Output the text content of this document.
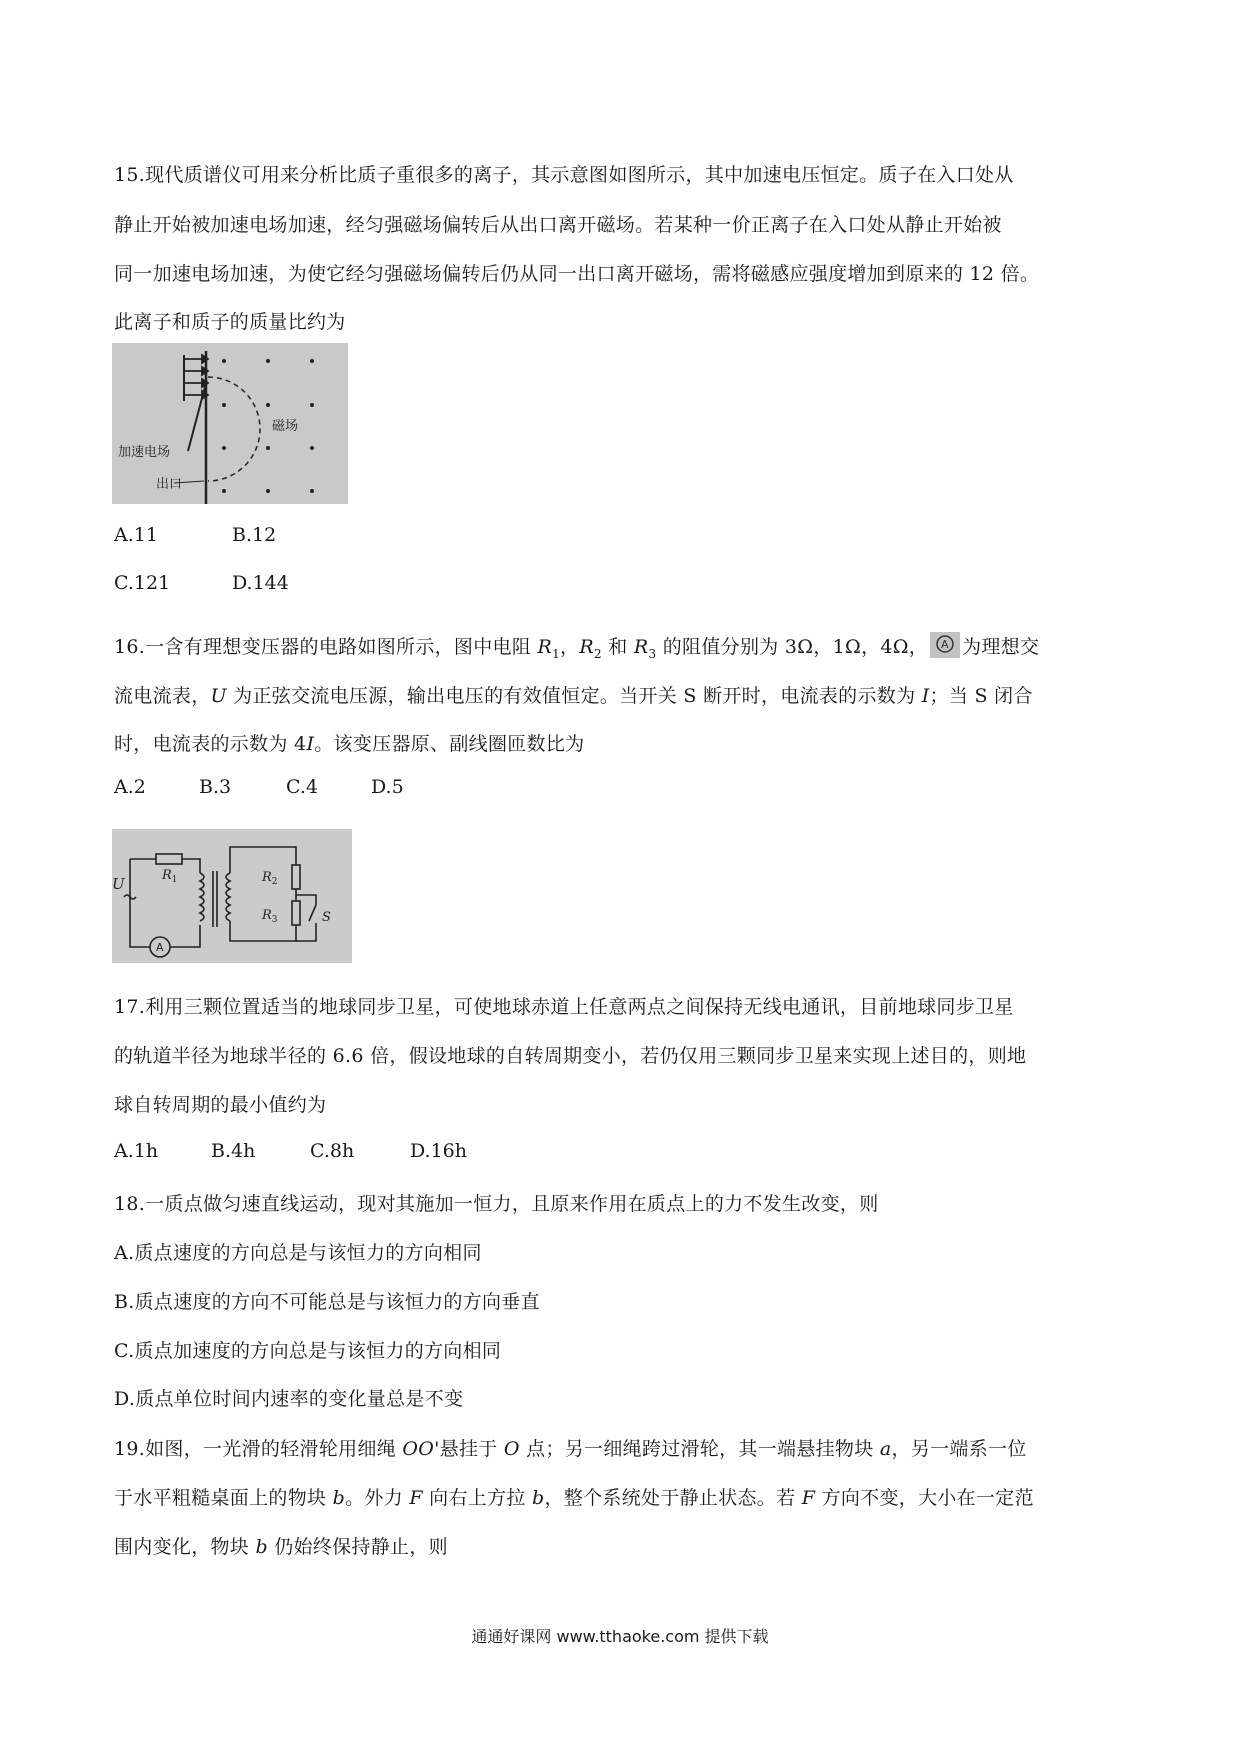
15.现代质谱仪可用来分析比质子重很多的离子，其示意图如图所示，其中加速电压恒定。质子在入口处从
静止开始被加速电场加速，经匀强磁场偏转后从出口离开磁场。若某种一价正离子在入口处从静止开始被
同一加速电场加速，为使它经匀强磁场偏转后仍从同一出口离开磁场，需将磁感应强度增加到原来的 12 倍。
此离子和质子的质量比约为
磁场
加速电场
出口
A.11	B.12
C.121	D.144
16.一含有理想变压器的电路如图所示，图中电阻 $R_1$，$R_2$ 和 $R_3$ 的阻值分别为 3Ω，1Ω，4Ω， A 为理想交
流电流表，U 为正弦交流电压源，输出电压的有效值恒定。当开关 S 断开时，电流表的示数为 I；当 S 闭合
时，电流表的示数为 4I。该变压器原、副线圈匝数比为
A.2	B.3	C.4	D.5
A
U	$R_1$	$R_2$
$R_3$	S
17.利用三颗位置适当的地球同步卫星，可使地球赤道上任意两点之间保持无线电通讯，目前地球同步卫星
的轨道半径为地球半径的 6.6 倍，假设地球的自转周期变小，若仍仅用三颗同步卫星来实现上述目的，则地
球自转周期的最小值约为
A.1h	B.4h	C.8h	D.16h
18.一质点做匀速直线运动，现对其施加一恒力，且原来作用在质点上的力不发生改变，则
A.质点速度的方向总是与该恒力的方向相同
B.质点速度的方向不可能总是与该恒力的方向垂直
C.质点加速度的方向总是与该恒力的方向相同
D.质点单位时间内速率的变化量总是不变
19.如图，一光滑的轻滑轮用细绳 OO'悬挂于 O 点；另一细绳跨过滑轮，其一端悬挂物块 a，另一端系一位
于水平粗糙桌面上的物块 b。外力 F 向右上方拉 b，整个系统处于静止状态。若 F 方向不变，大小在一定范
围内变化，物块 b 仍始终保持静止，则
通通好课网 www.tthaoke.com 提供下载
